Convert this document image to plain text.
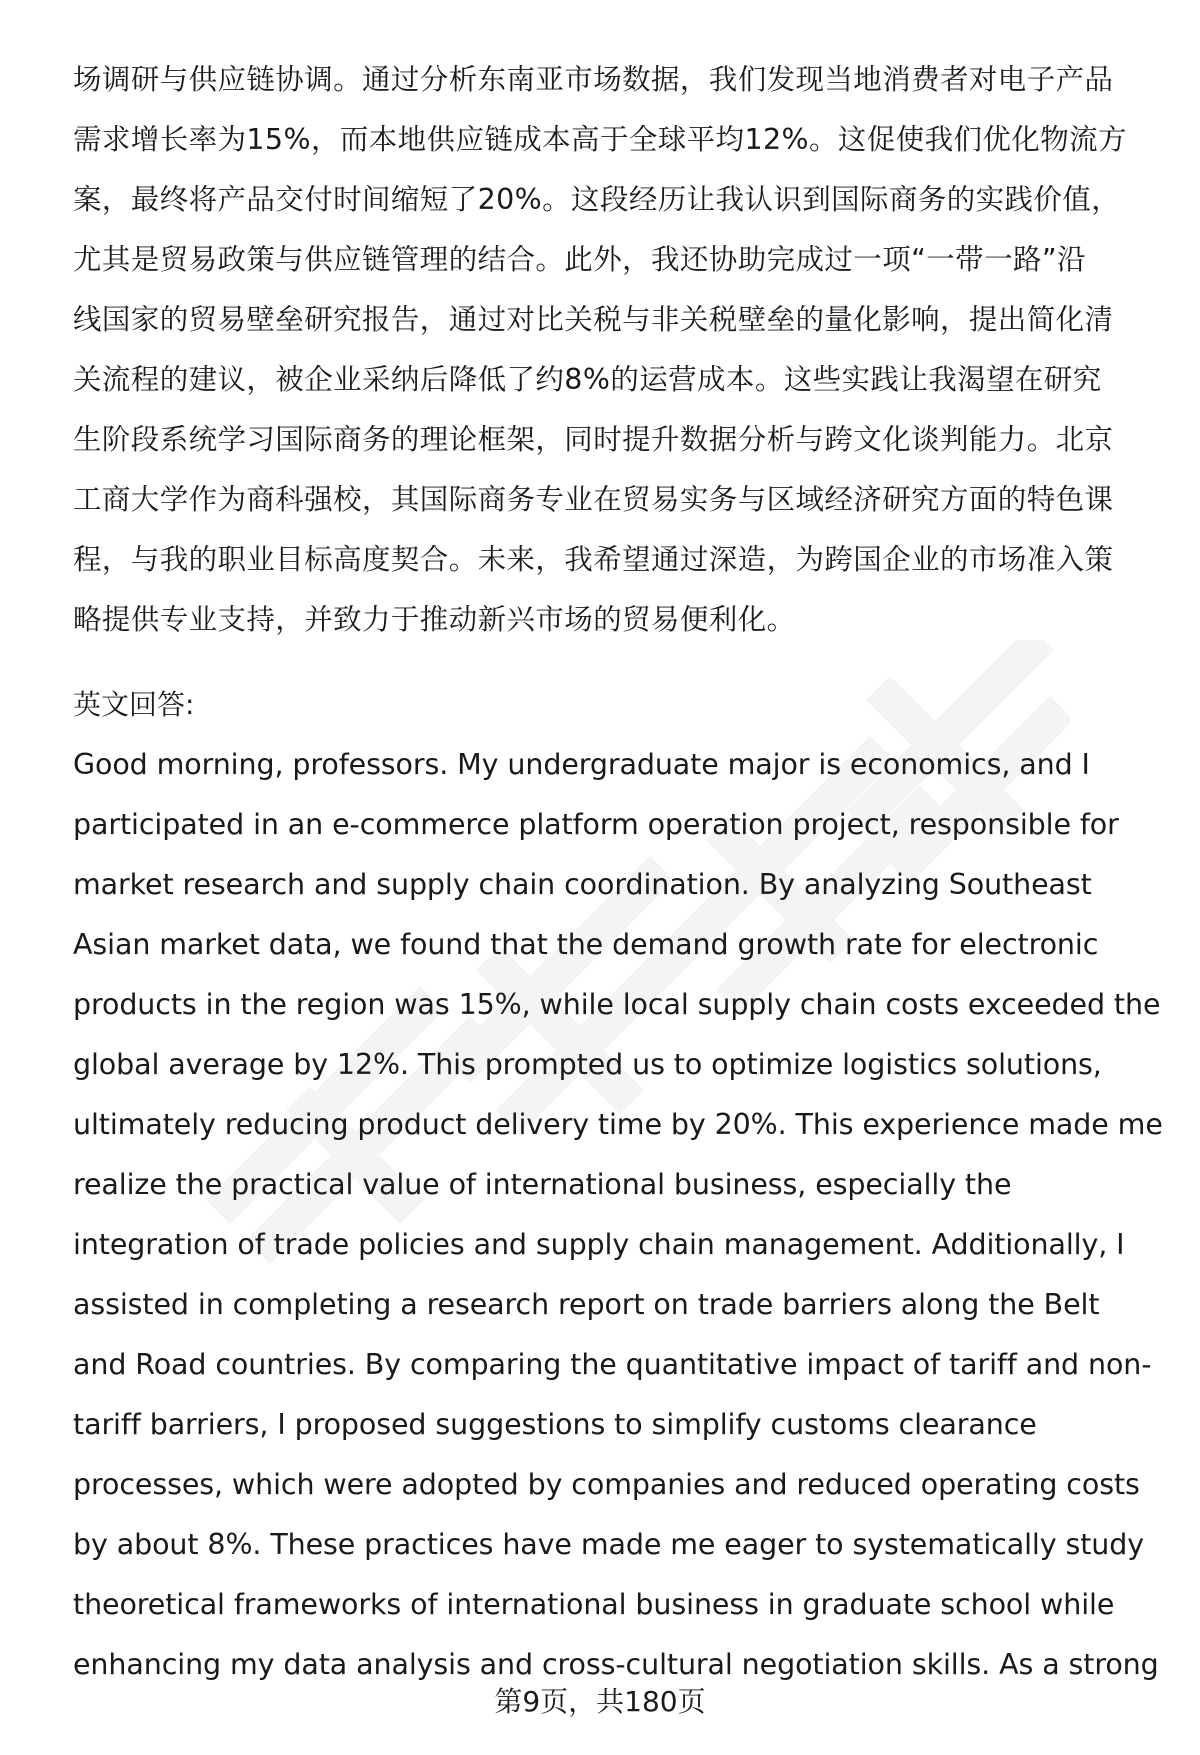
场调研与供应链协调。通过分析东南亚市场数据，我们发现当地消费者对电子产品
需求增长率为15%，而本地供应链成本高于全球平均12%。这促使我们优化物流方
案，最终将产品交付时间缩短了20%。这段经历让我认识到国际商务的实践价值，
尤其是贸易政策与供应链管理的结合。此外，我还协助完成过一项“一带一路”沿
线国家的贸易壁垒研究报告，通过对比关税与非关税壁垒的量化影响，提出简化清
关流程的建议，被企业采纳后降低了约8%的运营成本。这些实践让我渴望在研究
生阶段系统学习国际商务的理论框架，同时提升数据分析与跨文化谈判能力。北京
工商大学作为商科强校，其国际商务专业在贸易实务与区域经济研究方面的特色课
程，与我的职业目标高度契合。未来，我希望通过深造，为跨国企业的市场准入策
略提供专业支持，并致力于推动新兴市场的贸易便利化。
英文回答:
Good morning, professors. My undergraduate major is economics, and I
participated in an e-commerce platform operation project, responsible for
market research and supply chain coordination. By analyzing Southeast
Asian market data, we found that the demand growth rate for electronic
products in the region was 15%, while local supply chain costs exceeded the
global average by 12%. This prompted us to optimize logistics solutions,
ultimately reducing product delivery time by 20%. This experience made me
realize the practical value of international business, especially the
integration of trade policies and supply chain management. Additionally, I
assisted in completing a research report on trade barriers along the Belt
and Road countries. By comparing the quantitative impact of tariff and non-
tariff barriers, I proposed suggestions to simplify customs clearance
processes, which were adopted by companies and reduced operating costs
by about 8%. These practices have made me eager to systematically study
theoretical frameworks of international business in graduate school while
enhancing my data analysis and cross-cultural negotiation skills. As a strong
第9页，共180页
